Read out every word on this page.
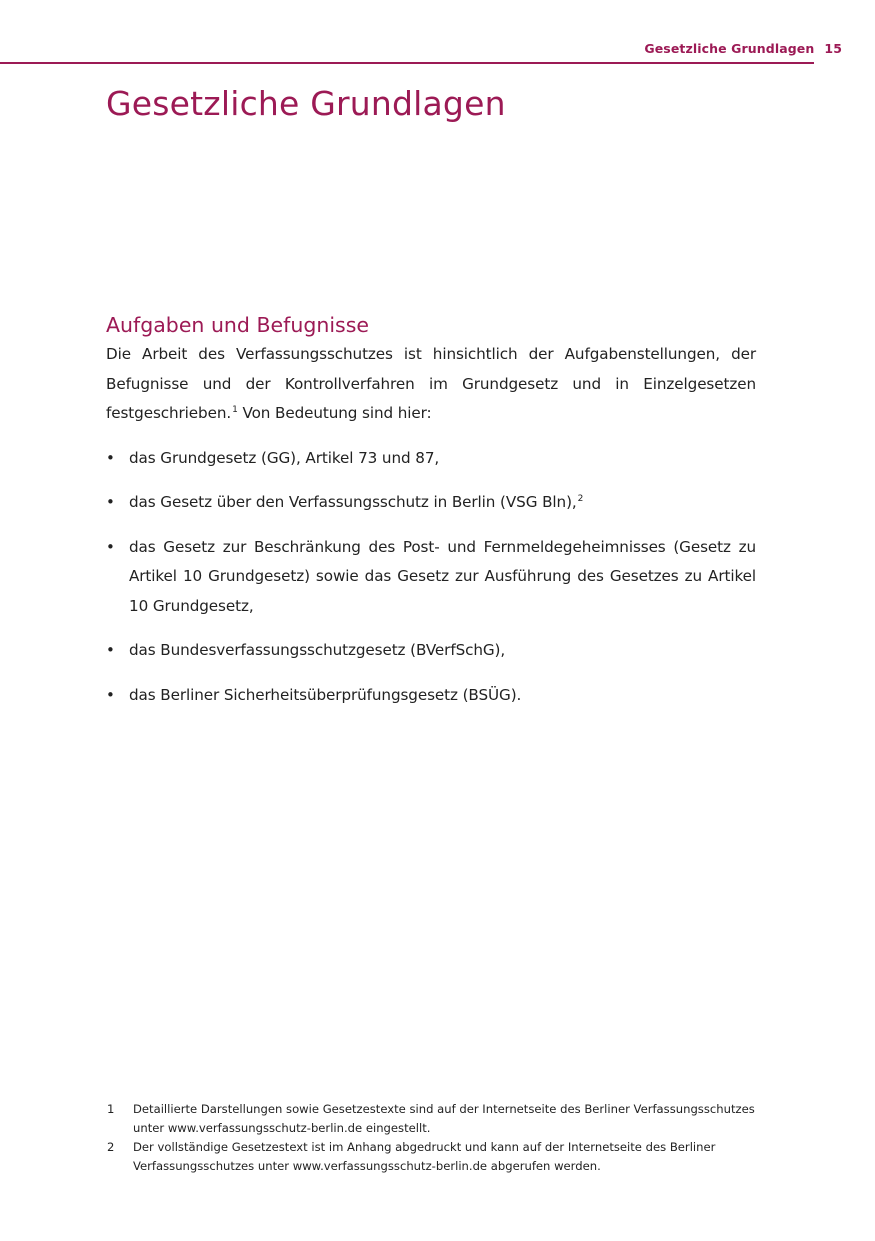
Gesetzliche Grundlagen 15
Gesetzliche Grundlagen
Aufgaben und Befugnisse

Die Arbeit des Verfassungsschutzes ist hinsichtlich der Aufgabenstellungen, der Befugnisse und der Kontrollverfahren im Grundgesetz und in Einzelgesetzen festgeschrieben.$^1$ Von Bedeutung sind hier:

• das Grundgesetz (GG), Artikel 73 und 87,
• das Gesetz über den Verfassungsschutz in Berlin (VSG Bln),$^2$
• das Gesetz zur Beschränkung des Post- und Fernmeldegeheimnisses (Gesetz zu Artikel 10 Grundgesetz) sowie das Gesetz zur Ausführung des Gesetzes zu Artikel 10 Grundgesetz,
• das Bundesverfassungsschutzgesetz (BVerfSchG),
• das Berliner Sicherheitsüberprüfungsgesetz (BSÜG).
1	Detaillierte Darstellungen sowie Gesetzestexte sind auf der Internetseite des Berliner Verfassungsschutzes unter www.verfassungsschutz-berlin.de eingestellt.
2	Der vollständige Gesetzestext ist im Anhang abgedruckt und kann auf der Internetseite des Berliner Verfassungsschutzes unter www.verfassungsschutz-berlin.de abgerufen werden.
